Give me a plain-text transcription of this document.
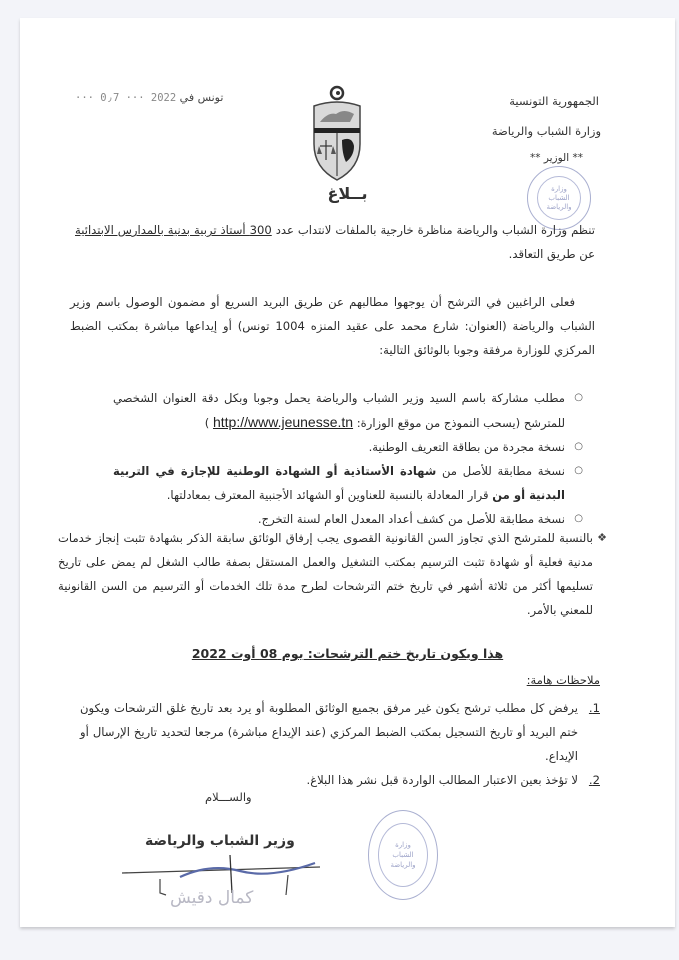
الجمهورية التونسية
وزارة الشباب والرياضة
** الوزير **
وزارة
الشباب
والرياضة
تونس في 2022 ··· 0٫7 ···
بــلاغ
تنظم وزارة الشباب والرياضة مناظرة خارجية بالملفات لانتداب عدد 300 أستاذ تربية بدنية بالمدارس الابتدائية عن طريق التعاقد.
فعلى الراغبين في الترشح أن يوجهوا مطالبهم عن طريق البريد السريع أو مضمون الوصول باسم وزير الشباب والرياضة (العنوان: شارع محمد على عقيد المنزه 1004 تونس) أو إيداعها مباشرة بمكتب الضبط المركزي للوزارة مرفقة وجوبا بالوثائق التالية:
○
مطلب مشاركة باسم السيد وزير الشباب والرياضة يحمل وجوبا وبكل دقة العنوان الشخصي للمترشح (يسحب النموذج من موقع الوزارة: http://www.jeunesse.tn )
○
نسخة مجردة من بطاقة التعريف الوطنية.
○
نسخة مطابقة للأصل من شهادة الأستاذية أو الشهادة الوطنية للإجازة في التربية البدنية أو من قرار المعادلة بالنسبة للعناوين أو الشهائد الأجنبية المعترف بمعادلتها.
○
نسخة مطابقة للأصل من كشف أعداد المعدل العام لسنة التخرج.
❖
بالنسبة للمترشح الذي تجاوز السن القانونية القصوى يجب إرفاق الوثائق سابقة الذكر بشهادة تثبت إنجاز خدمات مدنية فعلية أو شهادة تثبت الترسيم بمكتب التشغيل والعمل المستقل بصفة طالب الشغل لم يمض على تاريخ تسليمها أكثر من ثلاثة أشهر في تاريخ ختم الترشحات لطرح مدة تلك الخدمات أو الترسيم من السن القانونية للمعني بالأمر.
هذا ويكون تاريخ ختم الترشحات: يوم 08 أوت 2022
ملاحظات هامة:
1.
يرفض كل مطلب ترشح يكون غير مرفق بجميع الوثائق المطلوبة أو يرد بعد تاريخ غلق الترشحات ويكون ختم البريد أو تاريخ التسجيل بمكتب الضبط المركزي (عند الإيداع مباشرة) مرجعا لتحديد تاريخ الإرسال أو الإيداع.
2.
لا تؤخذ بعين الاعتبار المطالب الواردة قبل نشر هذا البلاغ.
والســـلام
وزير الشباب والرياضة
كمال دقيش
وزارة
الشباب
والرياضة
